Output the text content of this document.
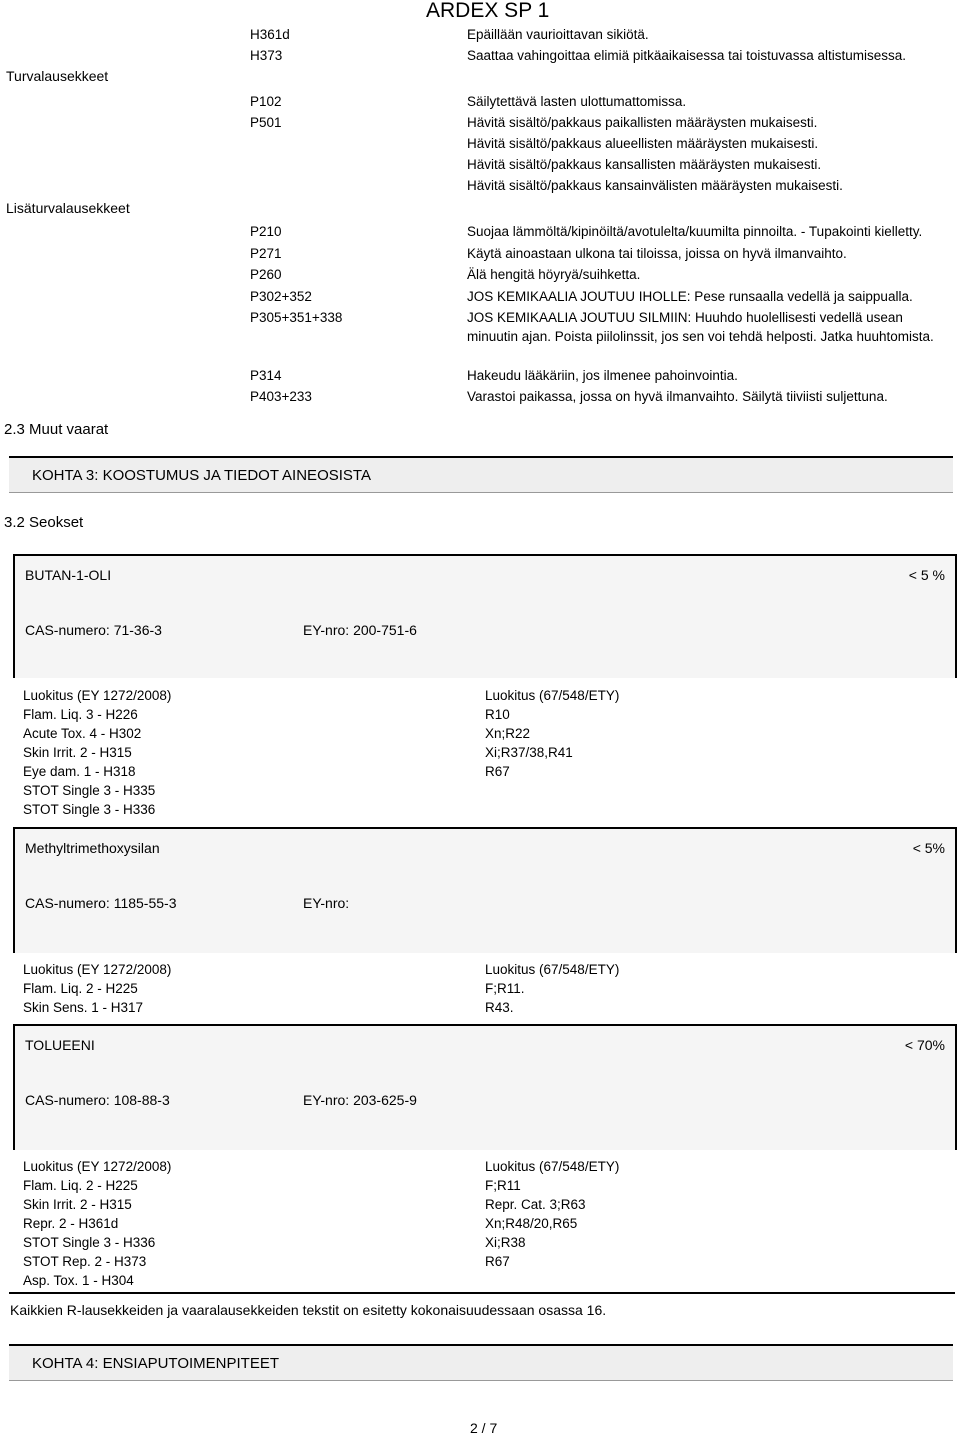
ARDEX SP 1
Turvalausekkeet
Lisäturvalausekkeet
2.3 Muut vaarat
H361d	Epäillään vaurioittavan sikiötä.
H373	Saattaa vahingoittaa elimiä pitkäaikaisessa tai toistuvassa altistumisessa.
P102	Säilytettävä lasten ulottumattomissa.
P501	Hävitä sisältö/pakkaus paikallisten määräysten mukaisesti.
Hävitä sisältö/pakkaus alueellisten määräysten mukaisesti.
Hävitä sisältö/pakkaus kansallisten määräysten mukaisesti.
Hävitä sisältö/pakkaus kansainvälisten määräysten mukaisesti.
P210	Suojaa lämmöltä/kipinöiltä/avotulelta/kuumilta pinnoilta. - Tupakointi kielletty.
P271	Käytä ainoastaan ulkona tai tiloissa, joissa on hyvä ilmanvaihto.
P260	Älä hengitä höyryä/suihketta.
P302+352	JOS KEMIKAALIA JOUTUU IHOLLE: Pese runsaalla vedellä ja saippualla.
P305+351+338	JOS KEMIKAALIA JOUTUU SILMIIN: Huuhdo huolellisesti vedellä usean minuutin ajan. Poista piilolinssit, jos sen voi tehdä helposti. Jatka huuhtomista.
P314	Hakeudu lääkäriin, jos ilmenee pahoinvointia.
P403+233	Varastoi paikassa, jossa on hyvä ilmanvaihto. Säilytä tiiviisti suljettuna.
KOHTA 3: KOOSTUMUS JA TIEDOT AINEOSISTA
3.2 Seokset
BUTAN-1-OLI	< 5 %
CAS-numero: 71-36-3	EY-nro: 200-751-6
Luokitus (EY 1272/2008)
Flam. Liq. 3 - H226
Acute Tox. 4 - H302
Skin Irrit. 2 - H315
Eye dam. 1 - H318
STOT Single 3 - H335
STOT Single 3 - H336
Luokitus (67/548/ETY)
R10
Xn;R22
Xi;R37/38,R41
R67
Methyltrimethoxysilan	< 5%
CAS-numero: 1185-55-3	EY-nro:
Luokitus (EY 1272/2008)
Flam. Liq. 2 - H225
Skin Sens. 1 - H317
Luokitus (67/548/ETY)
F;R11.
R43.
TOLUEENI	< 70%
CAS-numero: 108-88-3	EY-nro: 203-625-9
Luokitus (EY 1272/2008)
Flam. Liq. 2 - H225
Skin Irrit. 2 - H315
Repr. 2 - H361d
STOT Single 3 - H336
STOT Rep. 2 - H373
Asp. Tox. 1 - H304
Luokitus (67/548/ETY)
F;R11
Repr. Cat. 3;R63
Xn;R48/20,R65
Xi;R38
R67
Kaikkien R-lausekkeiden ja vaaralausekkeiden tekstit on esitetty kokonaisuudessaan osassa 16.
KOHTA 4: ENSIAPUTOIMENPITEET
2 / 7
